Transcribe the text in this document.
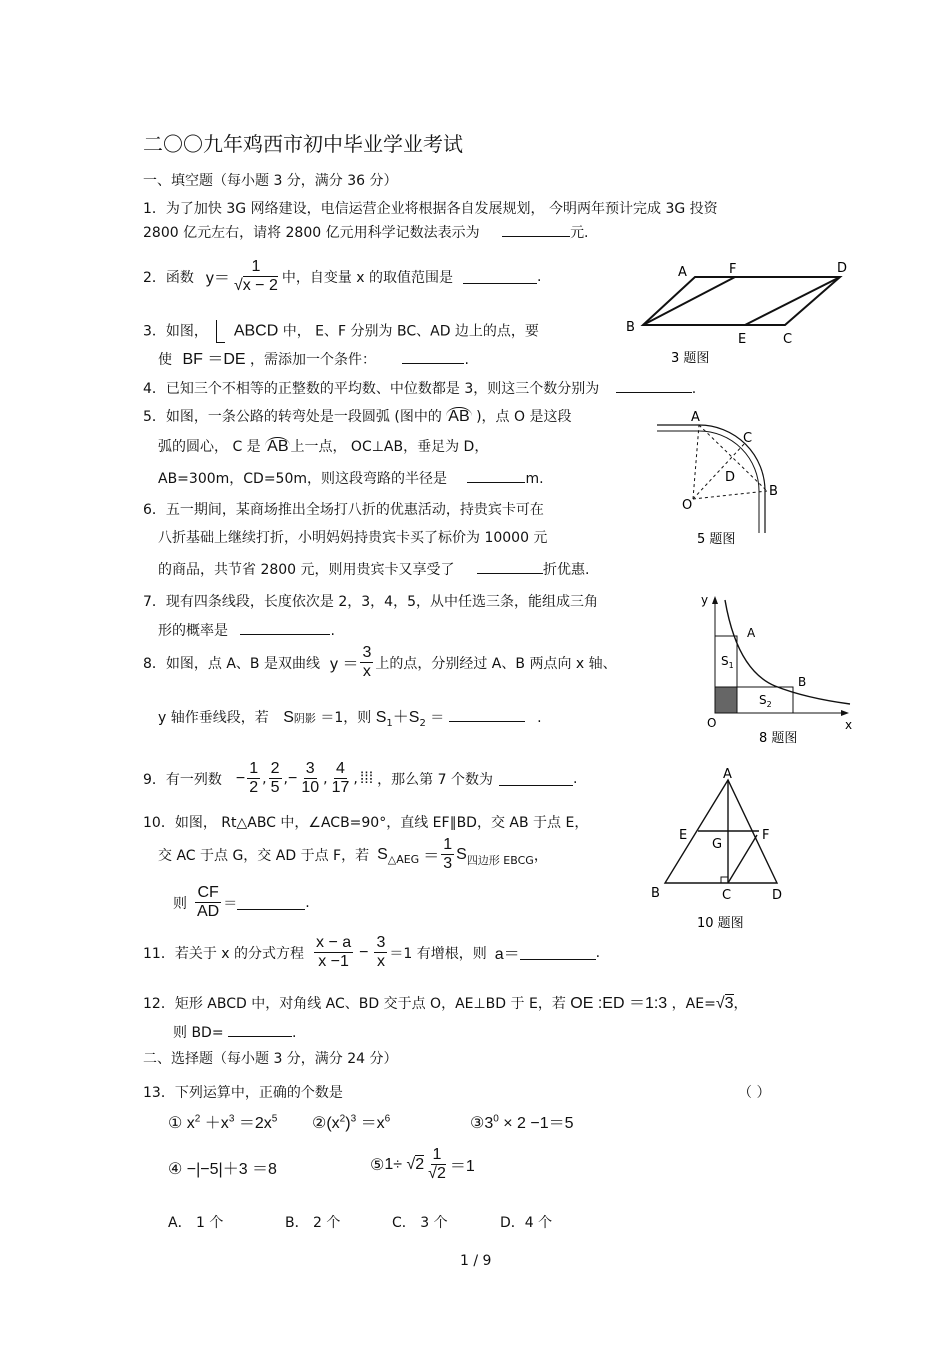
二〇〇九年鸡西市初中毕业学业考试
一、填空题（每小题 3 分，满分 36 分）
1．为了加快 3G 网络建设，电信运营企业将根据各自发展规划， 今明两年预计完成 3G 投资
2800 亿元左右，请将 2800 亿元用科学记数法表示为	元.
2．函数 $y= \frac{1}{√x - 2}$ 中，自变量 x 的取值范围是	.
3．如图， ABCD 中， E、F 分别为 BC、AD 边上的点，要
使 BF ＝DE ，需添加一个条件：	.
4．已知三个不相等的正整数的平均数、中位数都是 3，则这三个数分别为	.
5．如图，一条公路的转弯处是一段圆弧 (图中的 AB )，点 O 是这段
弧的圆心， C 是 AB 上一点， OC⊥AB，垂足为 D，
AB=300m，CD=50m，则这段弯路的半径是	m.
6．五一期间，某商场推出全场打八折的优惠活动，持贵宾卡可在
八折基础上继续打折，小明妈妈持贵宾卡买了标价为 10000 元
的商品，共节省 2800 元，则用贵宾卡又享受了	折优惠.
7．现有四条线段，长度依次是 2，3，4，5，从中任选三条，能组成三角
形的概率是	.
8．如图，点 A、B 是双曲线 $y = \frac{3}{x}$ 上的点，分别经过 A、B 两点向 x 轴、
y 轴作垂线段，若 S阴影 ＝1，则 $S_1+S_2$ ＝	.
9．有一列数 − $\frac{1}{2}$ , $\frac{2}{5}$ , − $\frac{3}{10}$ , $\frac{4}{17}$ , ⁞⁞⁞ ，那么第 7 个数为	.
10．如图， Rt△ABC 中，∠ACB=90°，直线 EF∥BD，交 AB 于点 E，
交 AC 于点 G，交 AD 于点 F，若 S △AEG ＝ $\frac{1}{3}$ S 四边形 EBCG ，
则 $\frac{CF}{AD}$ ＝	.
11．若关于 x 的分式方程 $\frac{x - a}{x -1} - \frac{3}{x} =1$ 有增根，则 a＝	.
12．矩形 ABCD 中，对角线 AC、BD 交于点 O，AE⊥BD 于 E，若 OE :ED ＝1:3 ，AE=√3，
则 BD=	.
二、选择题（每小题 3 分，满分 24 分）
13．下列运算中，正确的个数是	（ ）
① $x^2 +x^3 =2x^5$ $②(x^2)^3 =x^6$	$③3^0 \times 2 -1=5$
④ −|−5|＋3 ＝8	⑤ 1÷ √ $2 \frac{1}{√2} =1$
A． 1 个	B． 2 个	C． 3 个	D．4 个
1 / 9
A	F	D
B
E	C
3 题图
A
C
D
O
B
5 题图
y
x
O
A
B
$S_1$
$S_2$
8 题图
A
E	F
G
B	C	D
10 题图
